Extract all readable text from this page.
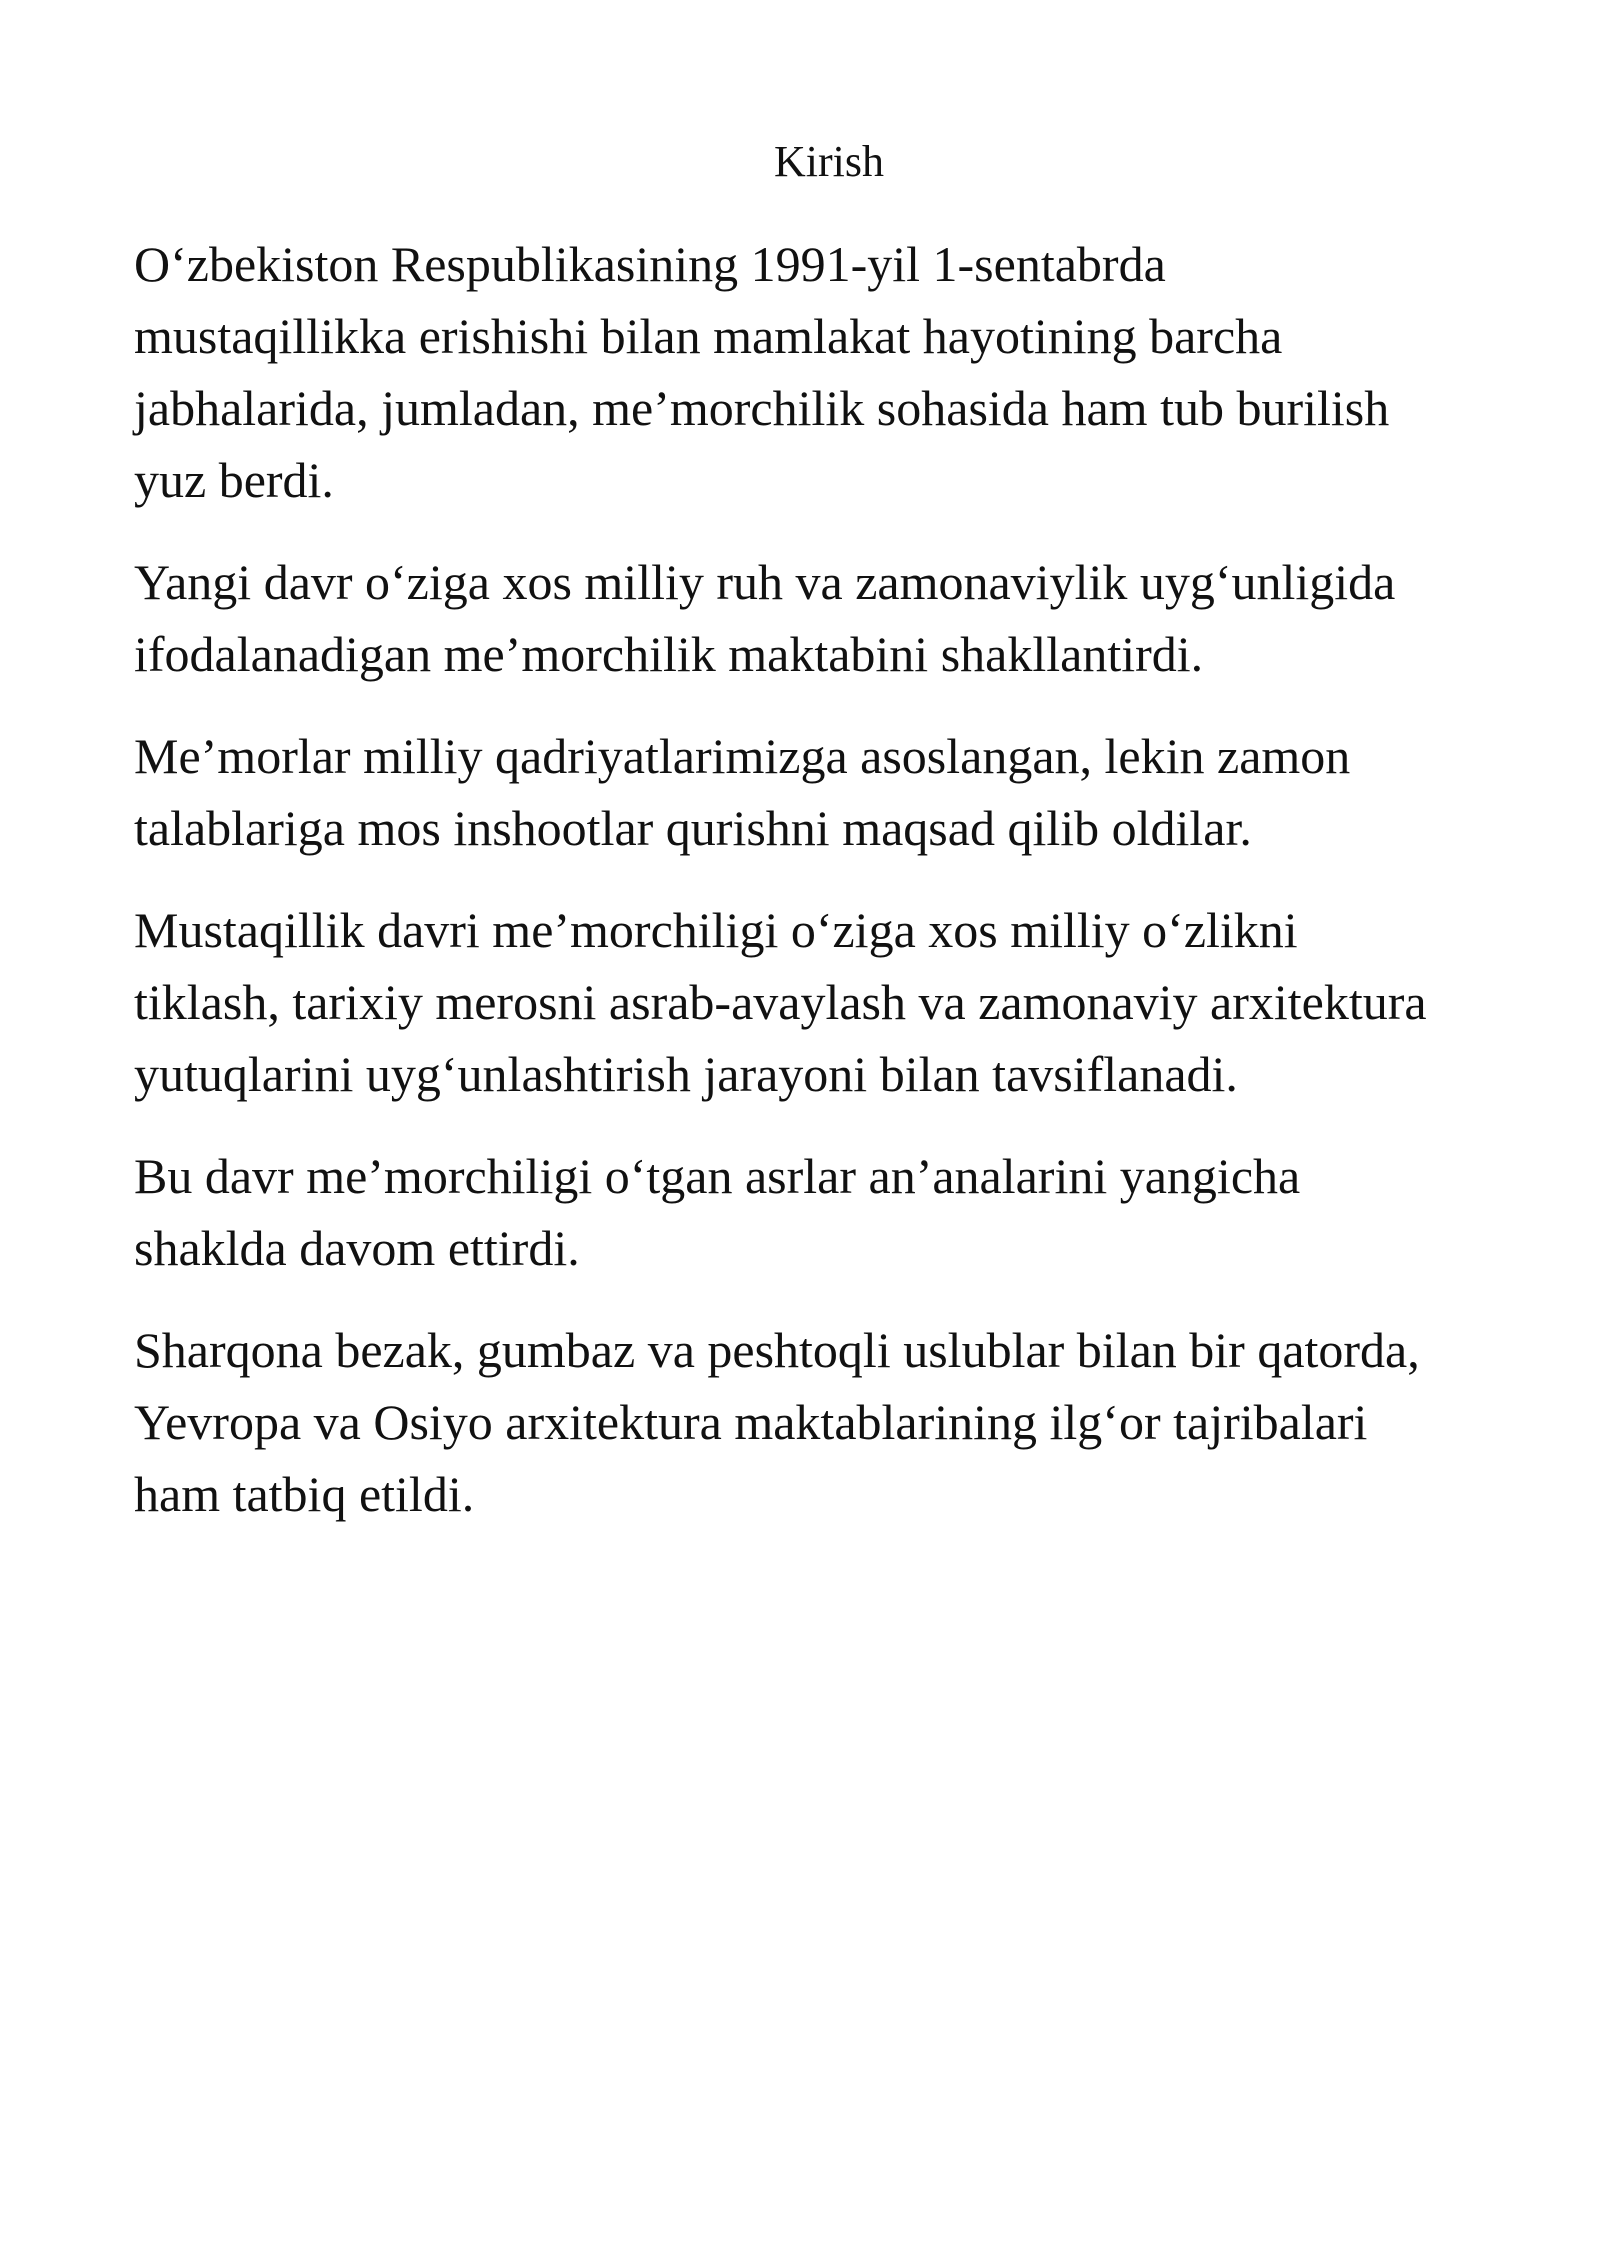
Kirish

O‘zbekiston Respublikasining 1991-yil 1-sentabrda
mustaqillikka erishishi bilan mamlakat hayotining barcha
jabhalarida, jumladan, me’morchilik sohasida ham tub burilish
yuz berdi.

Yangi davr o‘ziga xos milliy ruh va zamonaviylik uyg‘unligida
ifodalanadigan me’morchilik maktabini shakllantirdi.

Me’morlar milliy qadriyatlarimizga asoslangan, lekin zamon
talablariga mos inshootlar qurishni maqsad qilib oldilar.

Mustaqillik davri me’morchiligi o‘ziga xos milliy o‘zlikni
tiklash, tarixiy merosni asrab-avaylash va zamonaviy arxitektura
yutuqlarini uyg‘unlashtirish jarayoni bilan tavsiflanadi.

Bu davr me’morchiligi o‘tgan asrlar an’analarini yangicha
shaklda davom ettirdi.

Sharqona bezak, gumbaz va peshtoqli uslublar bilan bir qatorda,
Yevropa va Osiyo arxitektura maktablarining ilg‘or tajribalari
ham tatbiq etildi.
